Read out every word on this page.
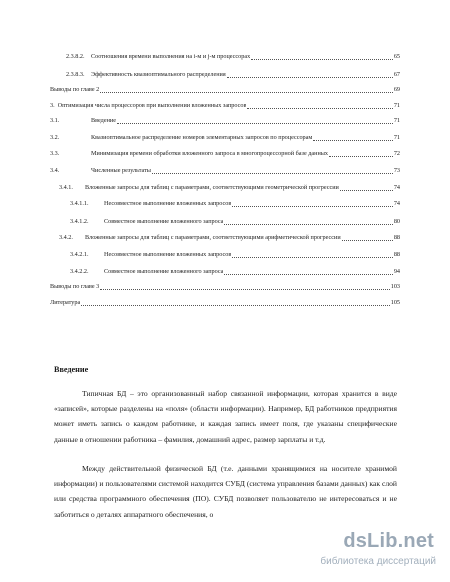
2.3.8.2.	Соотношения времени выполнения на i-м и j-м процессорах	65
2.3.8.3.	Эффективность квазиоптимального распределения	67
Выводы по главе 2	69
3. Оптимизация числа процессоров при выполнении вложенных запросов	71
3.1.	Введение	71
3.2.	Квазиоптимальное распределение номеров элементарных запросов по процессорам	71
3.3.	Минимизация времени обработки вложенного запроса в многопроцессорной базе данных	72
3.4.	Численные результаты	73
3.4.1.	Вложенные запросы для таблиц с параметрами, соответствующими геометрической прогрессии	74
3.4.1.1.	Несовместное выполнение вложенных запросов	74
3.4.1.2.	Совместное выполнение вложенного запроса	80
3.4.2.	Вложенные запросы для таблиц с параметрами, соответствующими арифметической прогрессии	88
3.4.2.1.	Несовместное выполнение вложенных запросов	88
3.4.2.2.	Совместное выполнение вложенного запроса	94
Выводы по главе 3	103
Литература	105
Введение

Типичная БД – это организованный набор связанной информации, которая хранится в виде «записей», которые разделены на «поля» (области информации). Например, БД работников предприятия может иметь запись о каждом работнике, и каждая запись имеет поля, где указаны специфические данные в отношении работника – фамилия, домашний адрес, размер зарплаты и т.д.

Между действительной физической БД (т.е. данными хранящимися на носителе хранимой информации) и пользователями системой находится СУБД (система управления базами данных) как слой или средства программного обеспечения (ПО). СУБД позволяет пользователю не интересоваться и не заботиться о деталях аппаратного обеспечения, о

dsLib.net
библиотека диссертаций
